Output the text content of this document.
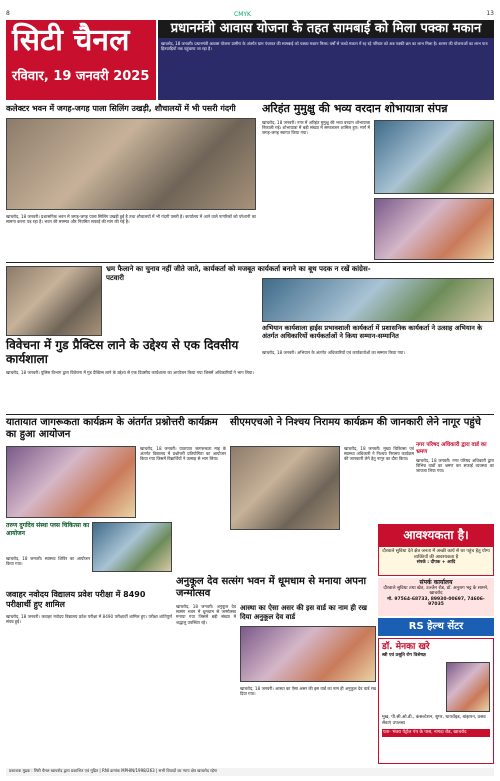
8	13
CMYK
सिटी चैनल
रविवार, 19 जनवरी 2025
प्रधानमंत्री आवास योजना के तहत सामबाई को मिला पक्का मकान
खाचरोद, 18 जनवरी। प्रधानमंत्री आवास योजना ग्रामीण के अंतर्गत ग्राम पंचायत की सामबाई को पक्का मकान मिला। वर्षों से कच्चे मकान में रह रहे परिवार को अब पक्की छत का लाभ मिला है। शासन की योजनाओं का लाभ पात्र हितग्राहियों तक पहुंचाया जा रहा है।
कलेक्टर भवन में जगह-जगह पाला सिलिंग उखड़ी, शौचालयों में भी पसरी गंदगी
खाचरोद, 18 जनवरी। प्रशासनिक भवन में जगह-जगह पाला सिलिंग उखड़ी हुई है तथा शौचालयों में भी गंदगी पसरी है। कार्यालय में आने वाले नागरिकों को परेशानी का सामना करना पड़ रहा है। भवन की मरम्मत और नियमित सफाई की मांग की गई है।
अरिहंत मुमुक्षु की भव्य वरदान शोभायात्रा संपन्न
खाचरोद, 18 जनवरी। नगर में अरिहंत मुमुक्षु की भव्य वरदान शोभायात्रा निकाली गई। शोभायात्रा में बड़ी संख्या में समाजजन शामिल हुए। मार्ग में जगह-जगह स्वागत किया गया।
भ्रम फैलाने का चुनाव नहीं जीते जाते, कार्यकर्ता को मजबूत कार्यकर्ता बनाने का बूथ पदक न रखें कांग्रेस- पटवारी
विवेचना में गुड प्रैक्टिस लाने के उद्देश्य से एक दिवसीय कार्यशाला
खाचरोद, 18 जनवरी। पुलिस विभाग द्वारा विवेचना में गुड प्रैक्टिस लाने के उद्देश्य से एक दिवसीय कार्यशाला का आयोजन किया गया जिसमें अधिकारियों ने भाग लिया।
अभियान कार्यशाला हाईस प्रभावशाली कार्यकर्ता में प्रशासनिक कार्यकर्ता ने उत्साह अभियान के अंतर्गत अधिकारियों कार्यकर्ताओं ने किया सम्मान-सम्मानित
खाचरोद, 18 जनवरी। अभियान के अंतर्गत अधिकारियों एवं कार्यकर्ताओं का सम्मान किया गया।
यातायात जागरूकता कार्यक्रम के अंतर्गत प्रश्नोत्तरी कार्यक्रम का हुआ आयोजन
खाचरोद, 18 जनवरी। यातायात जागरूकता माह के अंतर्गत विद्यालय में प्रश्नोत्तरी प्रतियोगिता का आयोजन किया गया जिसमें विद्यार्थियों ने उत्साह से भाग लिया।
सीएमएचओ ने निश्चय निरामय कार्यक्रम की जानकारी लेने नागूर पहुंचे
खाचरोद, 18 जनवरी। मुख्य चिकित्सा एवं स्वास्थ्य अधिकारी ने निश्चय निरामय कार्यक्रम की जानकारी लेने हेतु नागूर का दौरा किया।
नगर परिषद अधिकारी द्वारा वार्ड का भ्रमण
खाचरोद, 18 जनवरी। नगर परिषद अधिकारी द्वारा विभिन्न वार्डों का भ्रमण कर सफाई व्यवस्था का जायजा लिया गया।
तरुण दुर्गादेव संस्था प्लस चिकित्सा का आयोजन
खाचरोद, 18 जनवरी। स्वास्थ्य शिविर का आयोजन किया गया।
जवाहर नवोदय विद्यालय प्रवेश परीक्षा में 8490 परीक्षार्थी हुए शामिल
खाचरोद, 18 जनवरी। जवाहर नवोदय विद्यालय प्रवेश परीक्षा में 8490 परीक्षार्थी शामिल हुए। परीक्षा शांतिपूर्ण संपन्न हुई।
अनुकूल देव सत्संग भवन में धूमधाम से मनाया अपना जन्मोत्सव
खाचरोद, 18 जनवरी। अनुकूल देव सत्संग भवन में धूमधाम से जन्मोत्सव मनाया गया जिसमें बड़ी संख्या में श्रद्धालु उपस्थित रहे।
आस्था का ऐसा असर की इस वार्ड का नाम ही रख दिया अनुकूल देव वार्ड
खाचरोद, 18 जनवरी। आस्था का ऐसा असर की इस वार्ड का नाम ही अनुकूल देव वार्ड रख दिया गया।
आवश्यकता है।
दौरवाले सुविधा देते क्षेत्र जनता में अच्छी कार्य से घर पहुंच हेतु योग्य व्यक्तियों की आवश्यकता है
संपर्क : दीपक + आदि
संपर्क कार्यालय
दौरवाले सुविधा तथा खेत, उज्जैन रोड, डॉ. अनुराग भट्ट के सामने, खाचरोद
मो. 97564-68733, 89930-00697, 74606-97035
RS हेल्थ सेंटर
डॉ. मेनका खरे
स्त्री एवं प्रसूति रोग विशेषज्ञ
मुख, पी.सी.ओ.डी., कंसल्टेशन, शुगर, थायरॉइड, बांझपन, प्रसव सेवाएं उपलब्ध
पता- भंवरा पेट्रोल पंप के पास, नागदा रोड, खाचरोद
प्रकाशक मुद्रक : सिटी चैनल खाचरोद द्वारा प्रकाशित एवं मुद्रित | RNI क्रमांक MPHIN/1998/263 | सभी विवादों का न्याय क्षेत्र खाचरोद रहेगा
